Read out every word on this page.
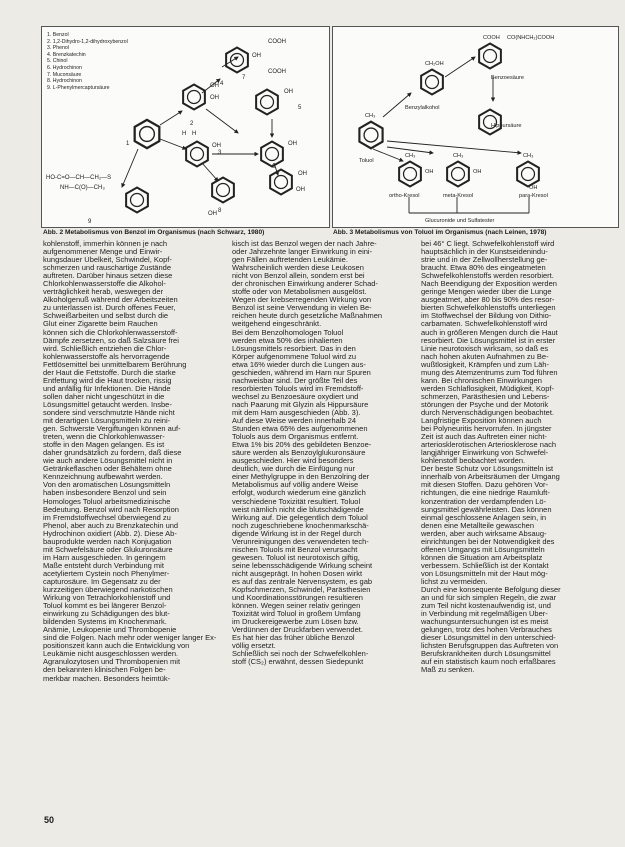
1. Benzol
2. 1,2-Dihydro-1,2-dihydroxybenzol
3. Phenol
4. Brenzkatechin
5. Chinol
6. Hydrochinon
7. Muconsäure
8. Hydrochinon
9. L-Phenylmercaptursäure
1
2
3
4
5
6
7
8
9
OH
OH
OH
OH
OH	OH
OH
OH
H
OH
H
COOH
COOH
HO-C=O—CH—CH₂—S
NH—C(O)—CH₃
Toluol
Benzylalkohol
Benzoesäure
Hippursäure
ortho-Kresol	meta-Kresol	para-Kresol
CH₃
CH₂OH
COOH CO(NHCH₂)COOH
OH	OH
OH
CH₃	CH₃	CH₃
Glucuronide und Sulfatester
Abb. 2 Metabolismus von Benzol im Organismus (nach Schwarz, 1980)	Abb. 3 Metabolismus von Toluol im Organismus (nach Leinen, 1978)

kohlenstoff, immerhin können je nach

aufgenommener Menge und Einwir-

kungsdauer Übelkeit, Schwindel, Kopf-

schmerzen und rauschartige Zustände

auftreten. Darüber hinaus setzen diese

Chlorkohlenwasserstoffe die Alkohol-

verträglichkeit herab, weswegen der

Alkoholgenuß während der Arbeitszeiten

zu unterlassen ist. Durch offenes Feuer,

Schweißarbeiten und selbst durch die

Glut einer Zigarette beim Rauchen

können sich die Chlorkohlenwasserstoff-

Dämpfe zersetzen, so daß Salzsäure frei

wird. Schließlich entziehen die Chlor-

kohlenwasserstoffe als hervorragende

Fettlösemittel bei unmittelbarem Berührung

der Haut die Fettstoffe. Durch die starke

Entfettung wird die Haut trocken, rissig

und anfällig für Infektionen. Die Hände

sollen daher nicht ungeschützt in die

Lösungsmittel getaucht werden. Insbe-

sondere sind verschmutzte Hände nicht

mit derartigen Lösungsmitteln zu reini-

gen. Schwerste Vergiftungen können auf-

treten, wenn die Chlorkohlenwasser-

stoffe in den Magen gelangen. Es ist

daher grundsätzlich zu fordern, daß diese

wie auch andere Lösungsmittel nicht in

Getränkeflaschen oder Behältern ohne

Kennzeichnung aufbewahrt werden.

Von den aromatischen Lösungsmitteln

haben insbesondere Benzol und sein

Homologes Toluol arbeitsmedizinische

Bedeutung. Benzol wird nach Resorption

im Fremdstoffwechsel überwiegend zu

Phenol, aber auch zu Brenzkatechin und

Hydrochinon oxidiert (Abb. 2). Diese Ab-

bauprodukte werden nach Konjugation

mit Schwefelsäure oder Glukuronsäure

im Harn ausgeschieden. In geringem

Maße entsteht durch Verbindung mit

acetyliertem Cystein noch Phenylmer-

capturosäure. Im Gegensatz zu der

kurzzeitigen überwiegend narkotischen

Wirkung von Tetrachlorkohlenstoff und

Toluol kommt es bei längerer Benzol-

einwirkung zu Schädigungen des blut-

bildenden Systems im Knochenmark.

Anämie, Leukopenie und Thrombopenie

sind die Folgen. Nach mehr oder weniger langer Ex-

positionszeit kann auch die Entwicklung von

Leukämie nicht ausgeschlossen werden.

Agranulozytosen und Thrombopenien mit

den bekannten klinischen Folgen be-

merkbar machen. Besonders heimtük-

kisch ist das Benzol wegen der nach Jahre-

oder Jahrzehnte langer Einwirkung in eini-

gen Fällen auftretenden Leukämie.

Wahrscheinlich werden diese Leukosen

nicht von Benzol allein, sondern erst bei

der chronischen Einwirkung anderer Schad-

stoffe oder von Metabolismen ausgelöst.

Wegen der krebserregenden Wirkung von

Benzol ist seine Verwendung in vielen Be-

reichen heute durch gesetzliche Maßnahmen

weitgehend eingeschränkt.

Bei dem Benzolhomologen Toluol

werden etwa 50% des inhalierten

Lösungsmittels resorbiert. Das in den

Körper aufgenommene Toluol wird zu

etwa 16% wieder durch die Lungen aus-

geschieden, während im Harn nur Spuren

nachweisbar sind. Der größte Teil des

resorbierten Toluols wird im Fremdstoff-

wechsel zu Benzoesäure oxydiert und

nach Paarung mit Glyzin als Hippursäure

mit dem Harn ausgeschieden (Abb. 3).

Auf diese Weise werden innerhalb 24

Stunden etwa 65% des aufgenommenen

Toluols aus dem Organismus entfernt.

Etwa 1% bis 20% des gebildeten Benzoe-

säure werden als Benzoylglukuronsäure

ausgeschieden. Hier wird besonders

deutlich, wie durch die Einfügung nur

einer Methylgruppe in den Benzolring der

Metabolismus auf völlig andere Weise

erfolgt, wodurch wiederum eine gänzlich

verschiedene Toxizität resultiert. Toluol

weist nämlich nicht die blutschädigende

Wirkung auf. Die gelegentlich dem Toluol

noch zugeschriebene knochenmarkschä-

digende Wirkung ist in der Regel durch

Verunreinigungen des verwendeten tech-

nischen Toluols mit Benzol verursacht

gewesen. Toluol ist neurotoxisch giftig,

seine lebensschädigende Wirkung scheint

nicht ausgeprägt. In hohen Dosen wirkt

es auf das zentrale Nervensystem, es gab

Kopfschmerzen, Schwindel, Parästhesien

und Koordinationsstörungen resultieren

können. Wegen seiner relativ geringen

Toxizität wird Toluol in großem Umfang

im Druckereigewerbe zum Lösen bzw.

Verdünnen der Druckfarben verwendet.

Es hat hier das früher übliche Benzol

völlig ersetzt.

Schließlich sei noch der Schwefelkohlen-

stoff (CS₂) erwähnt, dessen Siedepunkt

bei 46° C liegt. Schwefelkohlenstoff wird

hauptsächlich in der Kunstseidenindu-

strie und in der Zellwollherstellung ge-

braucht. Etwa 80% des eingeatmeten

Schwefelkohlenstoffs werden resorbiert.

Nach Beendigung der Exposition werden

geringe Mengen wieder über die Lunge

ausgeatmet, aber 80 bis 90% des resor-

bierten Schwefelkohlenstoffs unterliegen

im Stoffwechsel der Bildung von Dithio-

carbamaten. Schwefelkohlenstoff wird

auch in größeren Mengen durch die Haut

resorbiert. Die Lösungsmittel ist in erster

Linie neurotoxisch wirksam, so daß es

nach hohen akuten Aufnahmen zu Be-

wußtlosigkeit, Krämpfen und zum Läh-

mung des Atemzentrums zum Tod führen

kann. Bei chronischen Einwirkungen

werden Schlaflosigkeit, Müdigkeit, Kopf-

schmerzen, Parästhesien und Lebens-

störungen der Psyche und der Motorik

durch Nervenschädigungen beobachtet.

Langfristige Exposition können auch

bei Polyneuritis hervorrufen. In jüngster

Zeit ist auch das Auftreten einer nicht-

arteriosklerotischen Arteriosklerose nach

langjähriger Einwirkung von Schwefel-

kohlenstoff beobachtet worden.

Der beste Schutz vor Lösungsmitteln ist

innerhalb von Arbeitsräumen der Umgang

mit diesen Stoffen. Dazu gehören Vor-

richtungen, die eine niedrige Raumluft-

konzentration der verdampfenden Lö-

sungsmittel gewährleisten. Das können

einmal geschlossene Anlagen sein, in

denen eine Metallteile gewaschen

werden, aber auch wirksame Absaug-

einrichtungen bei der Notwendigkeit des

offenen Umgangs mit Lösungsmitteln

können die Situation am Arbeitsplatz

verbessern. Schließlich ist der Kontakt

von Lösungsmitteln mit der Haut mög-

lichst zu vermeiden.

Durch eine konsequente Befolgung dieser

an und für sich simplen Regeln, die zwar

zum Teil nicht kostenaufwendig ist, und

in Verbindung mit regelmäßigen Über-

wachungsuntersuchungen ist es meist

gelungen, trotz des hohen Verbrauches

dieser Lösungsmittel in den unterschied-

lichsten Berufsgruppen das Auftreten von

Berufskrankheiten durch Lösungsmittel

auf ein statistisch kaum noch erfaßbares

Maß zu senken.

50
